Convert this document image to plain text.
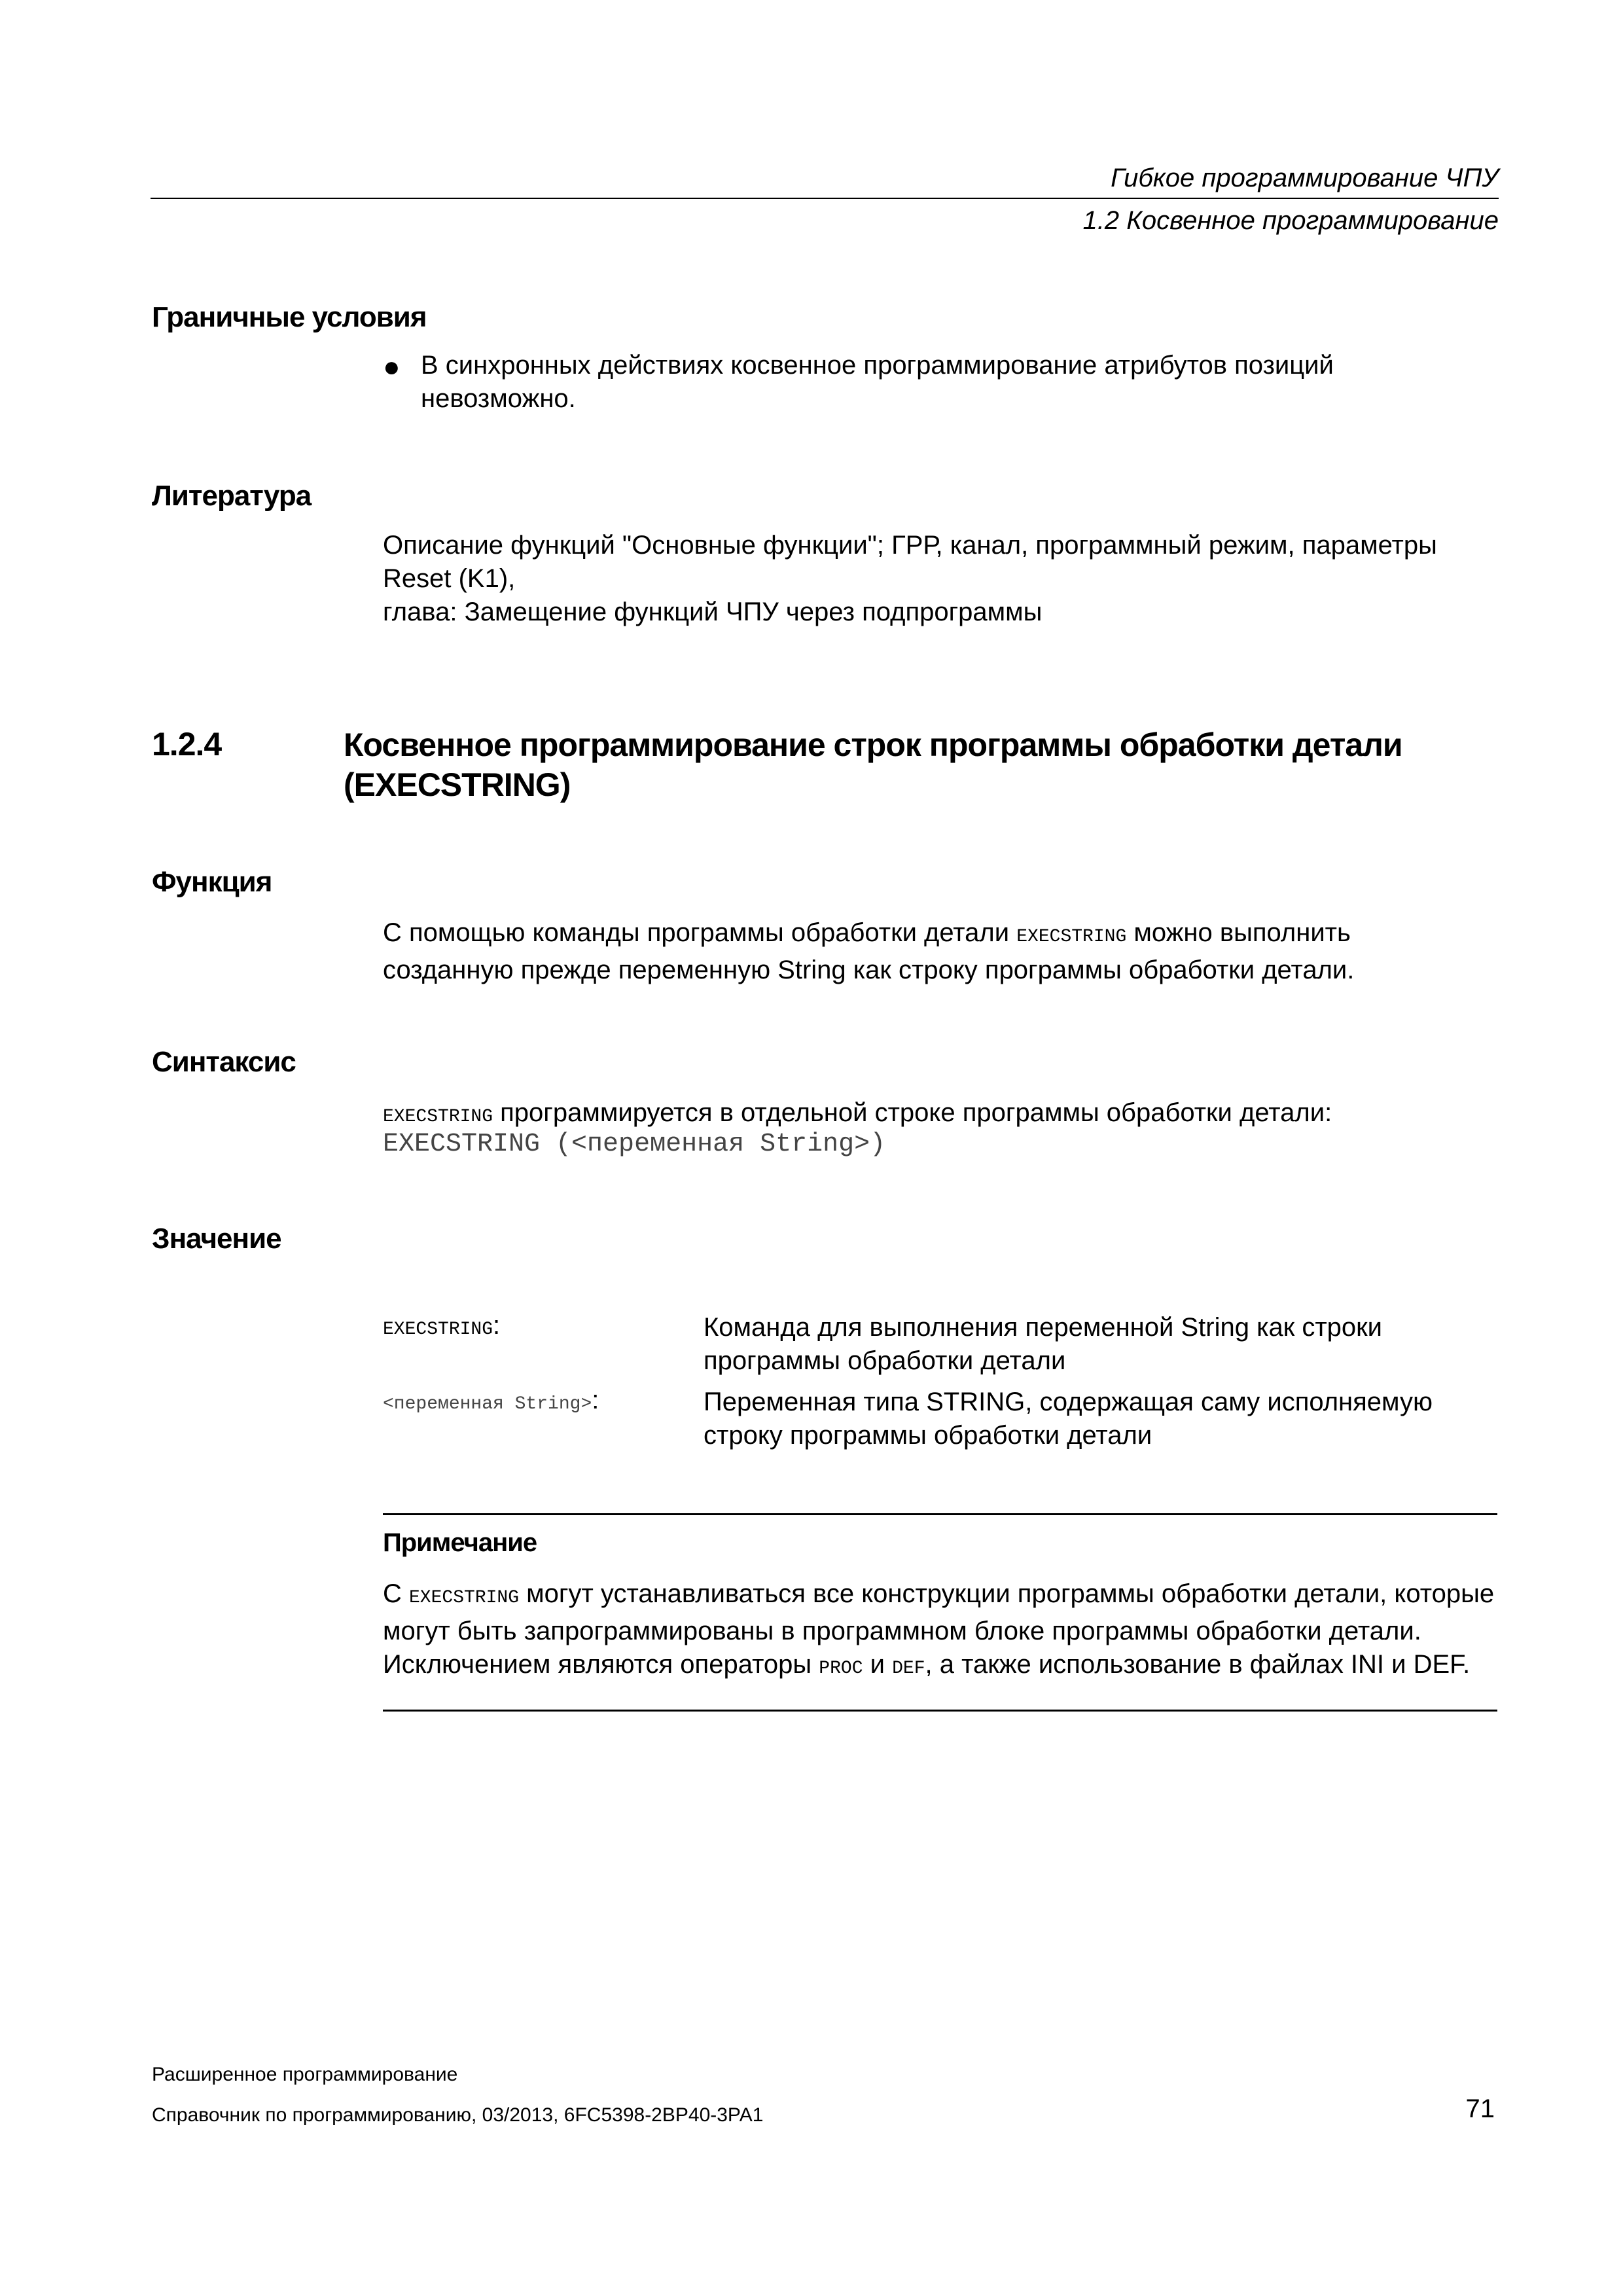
Гибкое программирование ЧПУ
1.2 Косвенное программирование
Граничные условия
● В синхронных действиях косвенное программирование атрибутов позиций невозможно.
Литература
Описание функций "Основные функции"; ГРР, канал, программный режим, параметры Reset (K1),
глава: Замещение функций ЧПУ через подпрограммы
1.2.4	Косвенное программирование строк программы обработки детали (EXECSTRING)
Функция
С помощью команды программы обработки детали EXECSTRING можно выполнить созданную прежде переменную String как строку программы обработки детали.
Синтаксис
EXECSTRING программируется в отдельной строке программы обработки детали:
EXECSTRING (<переменная String>)
Значение
EXECSTRING:	Команда для выполнения переменной String как строки программы обработки детали
<переменная String>:	Переменная типа STRING, содержащая саму исполняемую строку программы обработки детали
Примечание
С EXECSTRING могут устанавливаться все конструкции программы обработки детали, которые могут быть запрограммированы в программном блоке программы обработки детали. Исключением являются операторы PROC и DEF, а также использование в файлах INI и DEF.
Расширенное программирование
Справочник по программированию, 03/2013, 6FC5398-2BP40-3PA1	71
